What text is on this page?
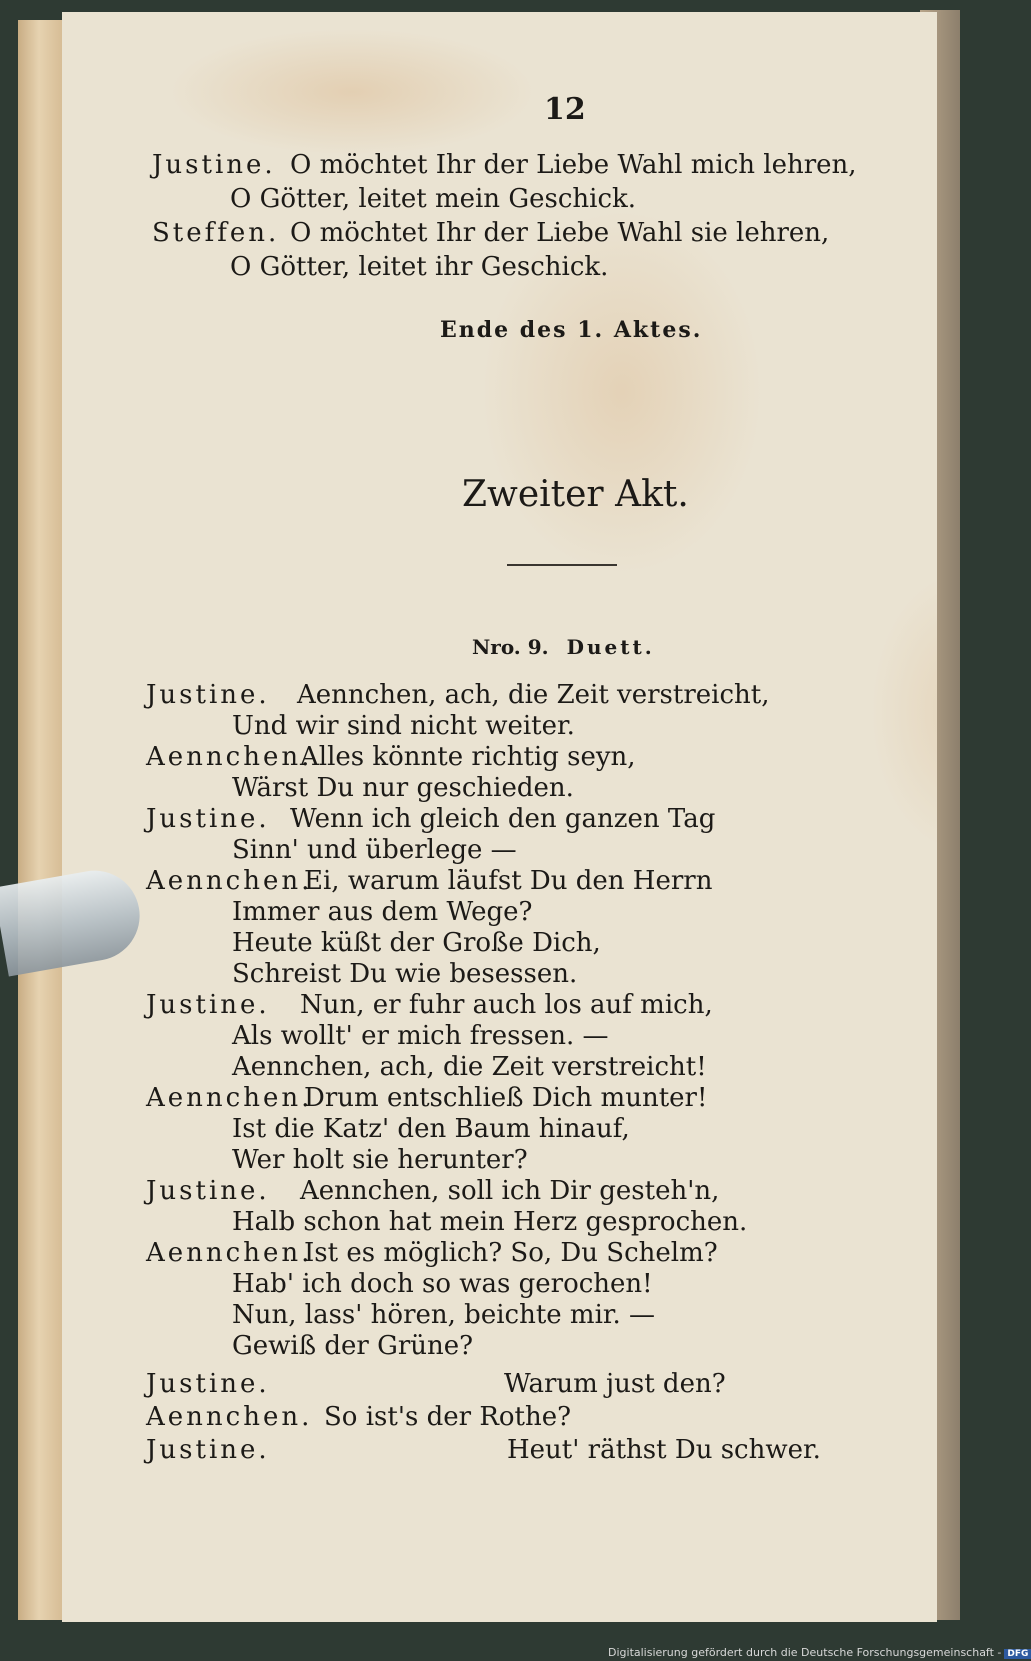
12
Justine. O möchtet Ihr der Liebe Wahl mich lehren,
O Götter, leitet mein Geschick.
Steffen. O möchtet Ihr der Liebe Wahl sie lehren,
O Götter, leitet ihr Geschick.
Ende des 1. Aktes.
Zweiter Akt.
Nro. 9. Duett.
Justine. Aennchen, ach, die Zeit verstreicht,
Und wir sind nicht weiter.
Aennchen.
Alles könnte richtig seyn,
Wärst Du nur geschieden.
Justine. Wenn ich gleich den ganzen Tag
Sinn' und überlege —
Aennchen.
Ei, warum läufst Du den Herrn
Immer aus dem Wege?
Heute küßt der Große Dich,
Schreist Du wie besessen.
Justine. Nun, er fuhr auch los auf mich,
Als wollt' er mich fressen. —
Aennchen, ach, die Zeit verstreicht!
Aennchen.
Drum entschließ Dich munter!
Ist die Katz' den Baum hinauf,
Wer holt sie herunter?
Justine. Aennchen, soll ich Dir gesteh'n,
Halb schon hat mein Herz gesprochen.
Aennchen.
Ist es möglich? So, Du Schelm?
Hab' ich doch so was gerochen!
Nun, lass' hören, beichte mir. —
Gewiß der Grüne?
Justine.	Warum just den?
Aennchen. So ist's der Rothe?
Justine.	Heut' räthst Du schwer.
Digitalisierung gefördert durch die Deutsche Forschungsgemeinschaft - DFG
